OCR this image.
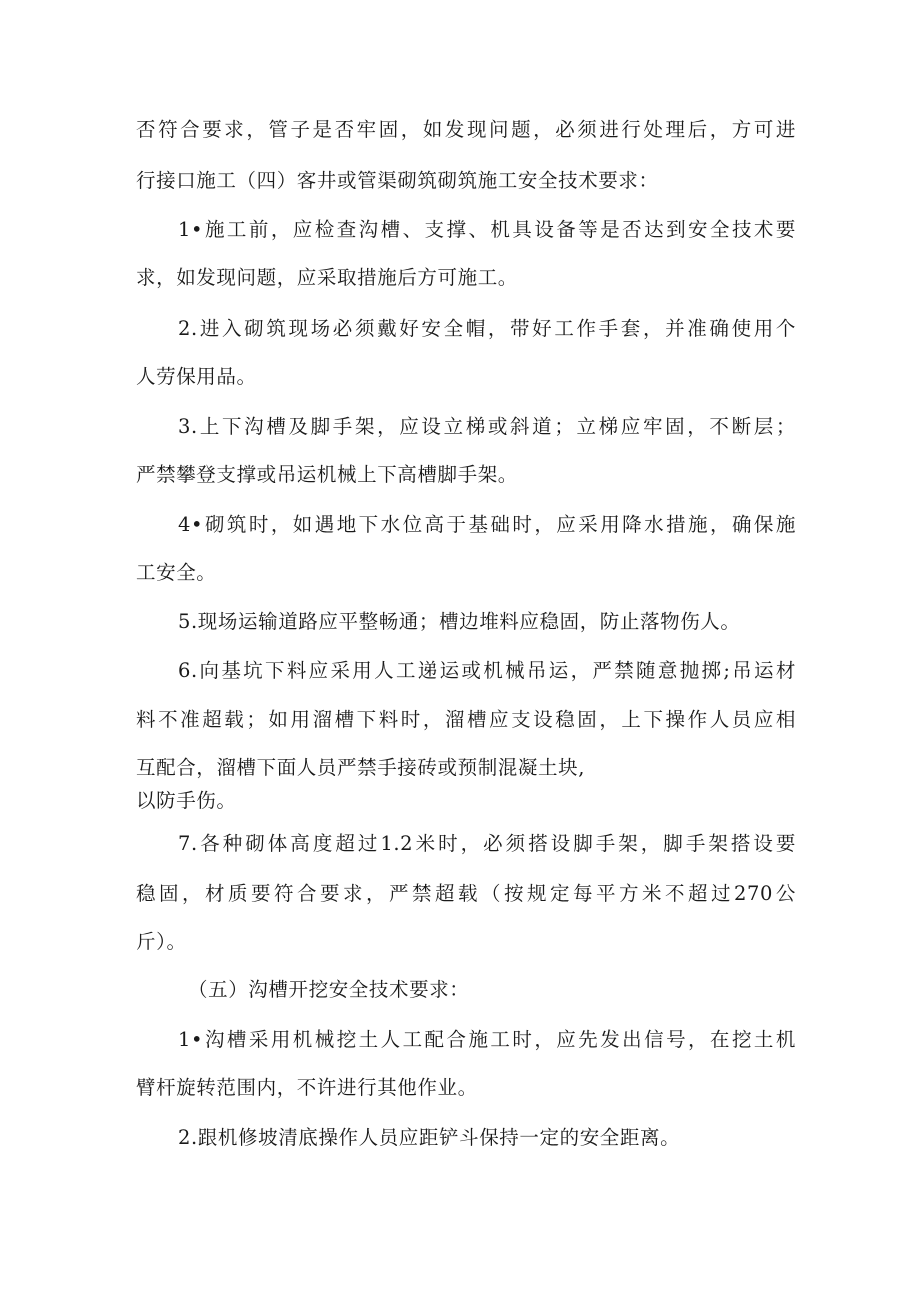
否符合要求，管子是否牢固，如发现问题，必须进行处理后，方可进
行接口施工（四）客井或管渠砌筑砌筑施工安全技术要求：
1•施工前，应检查沟槽、支撑、机具设备等是否达到安全技术要
求，如发现问题，应采取措施后方可施工。
2.进入砌筑现场必须戴好安全帽，带好工作手套，并准确使用个
人劳保用品。
3.上下沟槽及脚手架，应设立梯或斜道；立梯应牢固，不断层；
严禁攀登支撑或吊运机械上下高槽脚手架。
4•砌筑时，如遇地下水位高于基础时，应采用降水措施，确保施
工安全。
5.现场运输道路应平整畅通；槽边堆料应稳固，防止落物伤人。
6.向基坑下料应采用人工递运或机械吊运，严禁随意抛掷;吊运材
料不准超载；如用溜槽下料时，溜槽应支设稳固，上下操作人员应相
互配合，溜槽下面人员严禁手接砖或预制混凝土块,
以防手伤。
7.各种砌体高度超过1.2米时，必须搭设脚手架，脚手架搭设要
稳固，材质要符合要求，严禁超载（按规定每平方米不超过270公
斤）。
（五）沟槽开挖安全技术要求：
1•沟槽采用机械挖土人工配合施工时，应先发出信号，在挖土机
臂杆旋转范围内，不许进行其他作业。
2.跟机修坡清底操作人员应距铲斗保持一定的安全距离。
